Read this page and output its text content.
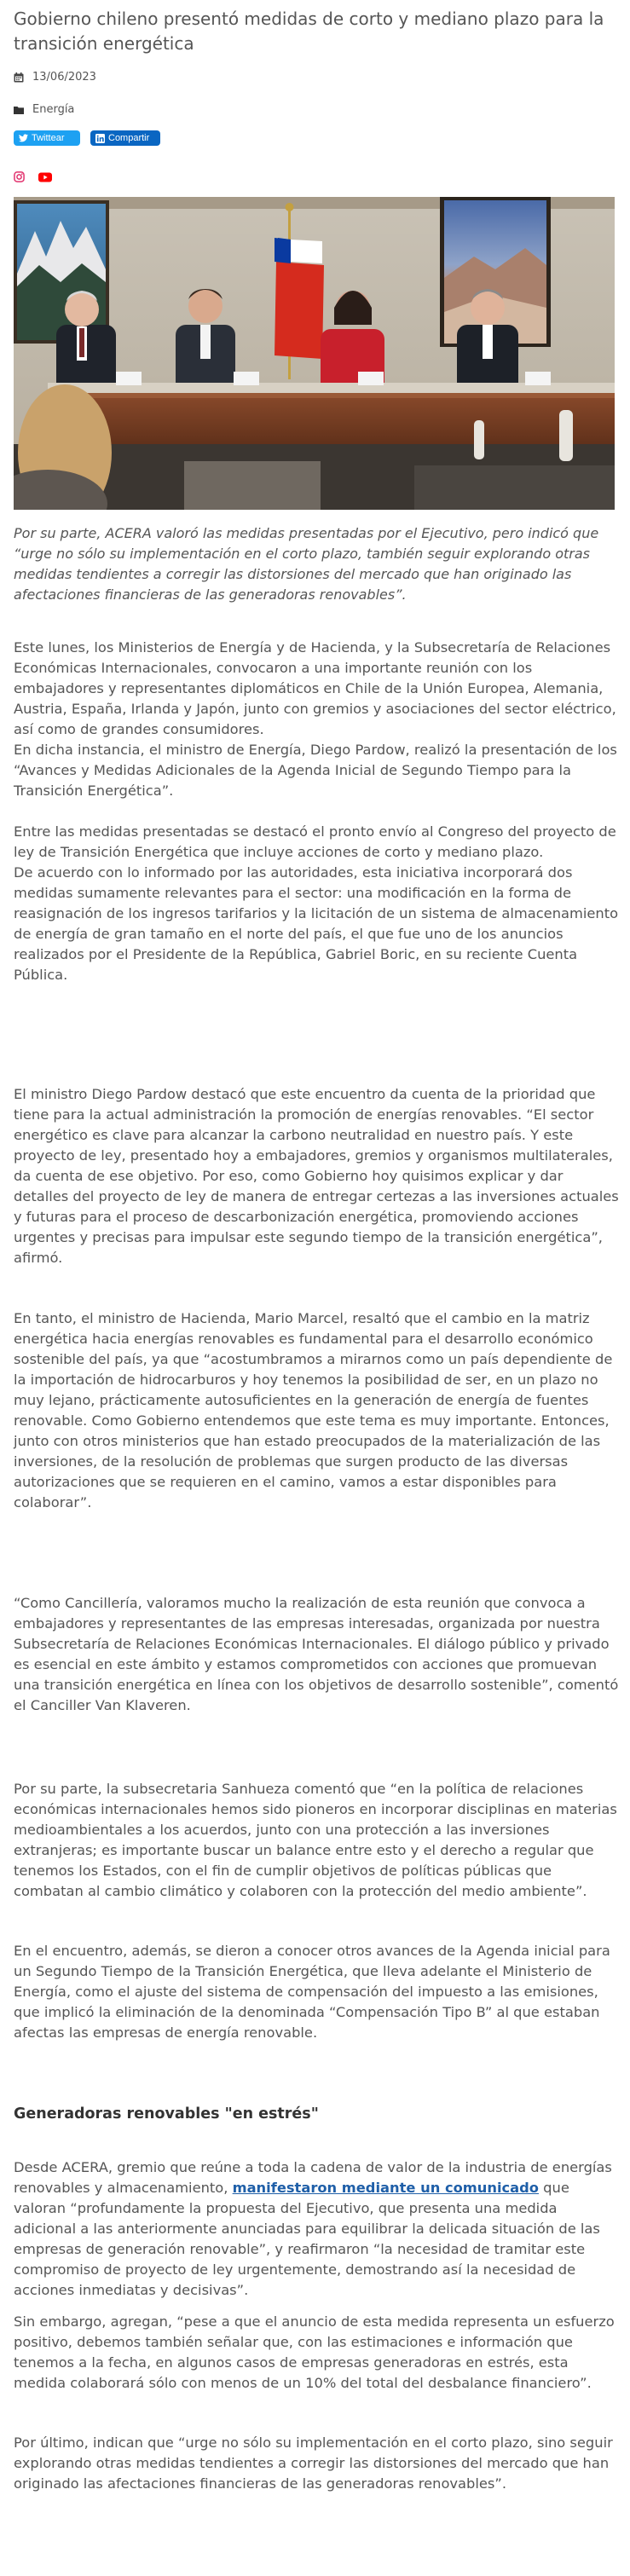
Gobierno chileno presentó medidas de corto y mediano plazo para la transición energética
13/06/2023
Energía
Twittear	Compartir

Por su parte, ACERA valoró las medidas presentadas por el Ejecutivo, pero indicó que “urge no sólo su implementación en el corto plazo, también seguir explorando otras medidas tendientes a corregir las distorsiones del mercado que han originado las afectaciones financieras de las generadoras renovables”.

Este lunes, los Ministerios de Energía y de Hacienda, y la Subsecretaría de Relaciones Económicas Internacionales, convocaron a una importante reunión con los embajadores y representantes diplomáticos en Chile de la Unión Europea, Alemania, Austria, España, Irlanda y Japón, junto con gremios y asociaciones del sector eléctrico, así como de grandes consumidores.

En dicha instancia, el ministro de Energía, Diego Pardow, realizó la presentación de los “Avances y Medidas Adicionales de la Agenda Inicial de Segundo Tiempo para la Transición Energética”.

Entre las medidas presentadas se destacó el pronto envío al Congreso del proyecto de ley de Transición Energética que incluye acciones de corto y mediano plazo.

De acuerdo con lo informado por las autoridades, esta iniciativa incorporará dos medidas sumamente relevantes para el sector: una modificación en la forma de reasignación de los ingresos tarifarios y la licitación de un sistema de almacenamiento de energía de gran tamaño en el norte del país, el que fue uno de los anuncios realizados por el Presidente de la República, Gabriel Boric, en su reciente Cuenta Pública.

El ministro Diego Pardow destacó que este encuentro da cuenta de la prioridad que tiene para la actual administración la promoción de energías renovables. “El sector energético es clave para alcanzar la carbono neutralidad en nuestro país. Y este proyecto de ley, presentado hoy a embajadores, gremios y organismos multilaterales, da cuenta de ese objetivo. Por eso, como Gobierno hoy quisimos explicar y dar detalles del proyecto de ley de manera de entregar certezas a las inversiones actuales y futuras para el proceso de descarbonización energética, promoviendo acciones urgentes y precisas para impulsar este segundo tiempo de la transición energética”, afirmó.

En tanto, el ministro de Hacienda, Mario Marcel, resaltó que el cambio en la matriz energética hacia energías renovables es fundamental para el desarrollo económico sostenible del país, ya que “acostumbramos a mirarnos como un país dependiente de la importación de hidrocarburos y hoy tenemos la posibilidad de ser, en un plazo no muy lejano, prácticamente autosuficientes en la generación de energía de fuentes renovable. Como Gobierno entendemos que este tema es muy importante. Entonces, junto con otros ministerios que han estado preocupados de la materialización de las inversiones, de la resolución de problemas que surgen producto de las diversas autorizaciones que se requieren en el camino, vamos a estar disponibles para colaborar”.

“Como Cancillería, valoramos mucho la realización de esta reunión que convoca a embajadores y representantes de las empresas interesadas, organizada por nuestra Subsecretaría de Relaciones Económicas Internacionales. El diálogo público y privado es esencial en este ámbito y estamos comprometidos con acciones que promuevan una transición energética en línea con los objetivos de desarrollo sostenible”, comentó el Canciller Van Klaveren.

Por su parte, la subsecretaria Sanhueza comentó que “en la política de relaciones económicas internacionales hemos sido pioneros en incorporar disciplinas en materias medioambientales a los acuerdos, junto con una protección a las inversiones extranjeras; es importante buscar un balance entre esto y el derecho a regular que tenemos los Estados, con el fin de cumplir objetivos de políticas públicas que combatan al cambio climático y colaboren con la protección del medio ambiente”.

En el encuentro, además, se dieron a conocer otros avances de la Agenda inicial para un Segundo Tiempo de la Transición Energética, que lleva adelante el Ministerio de Energía, como el ajuste del sistema de compensación del impuesto a las emisiones, que implicó la eliminación de la denominada “Compensación Tipo B” al que estaban afectas las empresas de energía renovable.

Generadoras renovables "en estrés"

Desde ACERA, gremio que reúne a toda la cadena de valor de la industria de energías renovables y almacenamiento, manifestaron mediante un comunicado que valoran “profundamente la propuesta del Ejecutivo, que presenta una medida adicional a las anteriormente anunciadas para equilibrar la delicada situación de las empresas de generación renovable”, y reafirmaron “la necesidad de tramitar este compromiso de proyecto de ley urgentemente, demostrando así la necesidad de acciones inmediatas y decisivas”.

Sin embargo, agregan, “pese a que el anuncio de esta medida representa un esfuerzo positivo, debemos también señalar que, con las estimaciones e información que tenemos a la fecha, en algunos casos de empresas generadoras en estrés, esta medida colaborará sólo con menos de un 10% del total del desbalance financiero”.

Por último, indican que “urge no sólo su implementación en el corto plazo, sino seguir explorando otras medidas tendientes a corregir las distorsiones del mercado que han originado las afectaciones financieras de las generadoras renovables”.
